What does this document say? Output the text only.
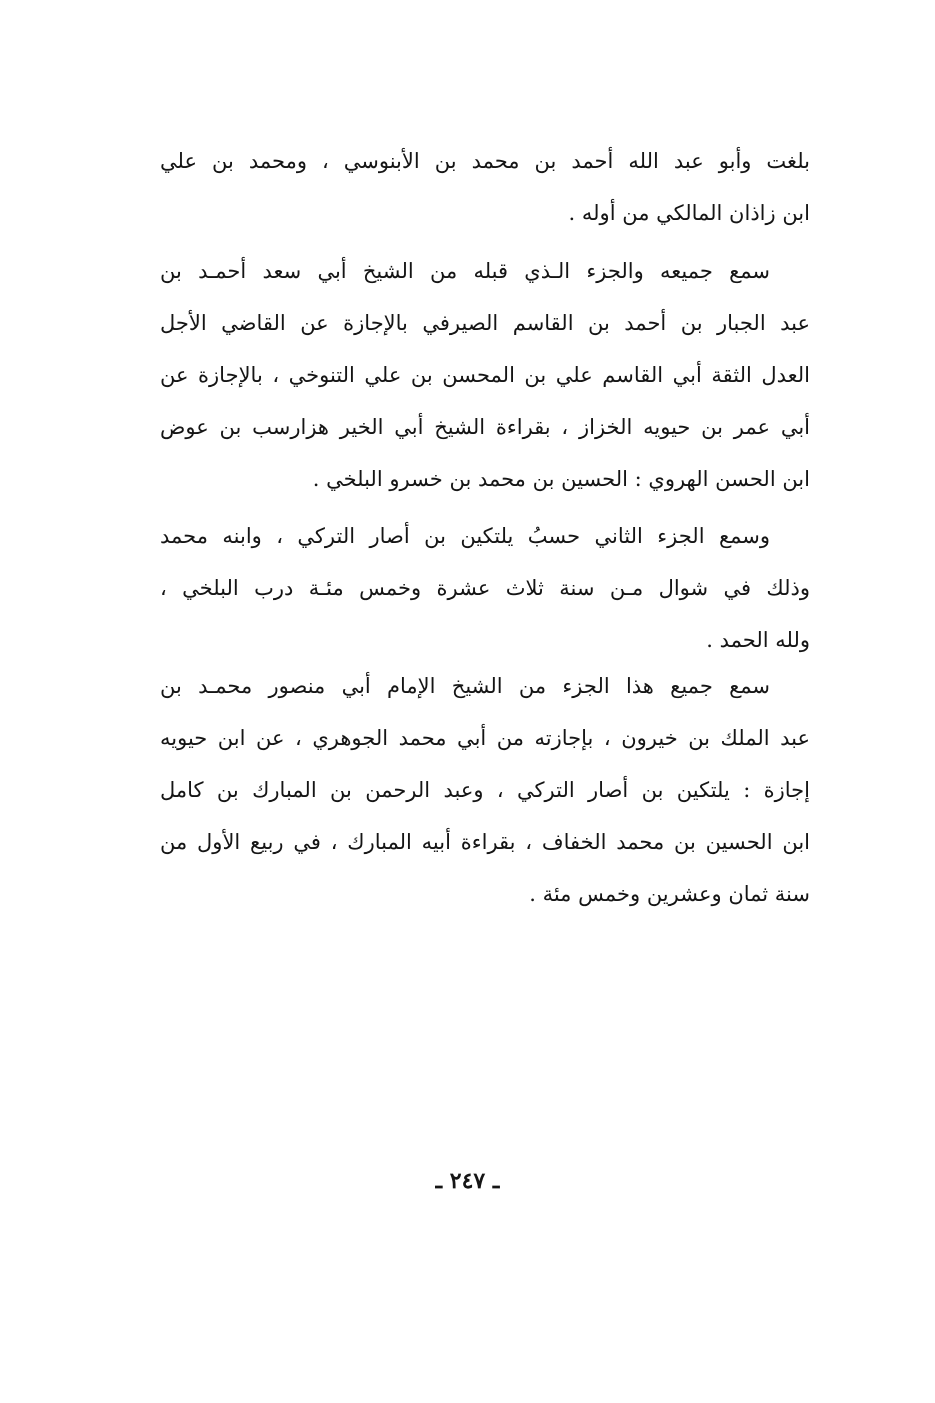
بلغت وأبو عبد الله أحمد بن محمد بن الأبنوسي ، ومحمد بن علي
ابن زاذان المالكي من أوله .
سمع جميعه والجزء الـذي قبله من الشيخ أبي سعد أحمـد بن
عبد الجبار بن أحمد بن القاسم الصيرفي بالإجازة عن القاضي الأجل
العدل الثقة أبي القاسم علي بن المحسن بن علي التنوخي ، بالإجازة عن
أبي عمر بن حيويه الخزاز ، بقراءة الشيخ أبي الخير هزارسب بن عوض
ابن الحسن الهروي : الحسين بن محمد بن خسرو البلخي .
وسمع الجزء الثاني حسبُ يلتكين بن أصار التركي ، وابنه محمد
وذلك في شوال مـن سنة ثلاث عشرة وخمس مئـة درب البلخي ،
ولله الحمد .
سمع جميع هذا الجزء من الشيخ الإمام أبي منصور محمـد بن
عبد الملك بن خيرون ، بإجازته من أبي محمد الجوهري ، عن ابن حيويه
إجازة : يلتكين بن أصار التركي ، وعبد الرحمن بن المبارك بن كامل
ابن الحسين بن محمد الخفاف ، بقراءة أبيه المبارك ، في ربيع الأول من
سنة ثمان وعشرين وخمس مئة .
ـ ٢٤٧ ـ
